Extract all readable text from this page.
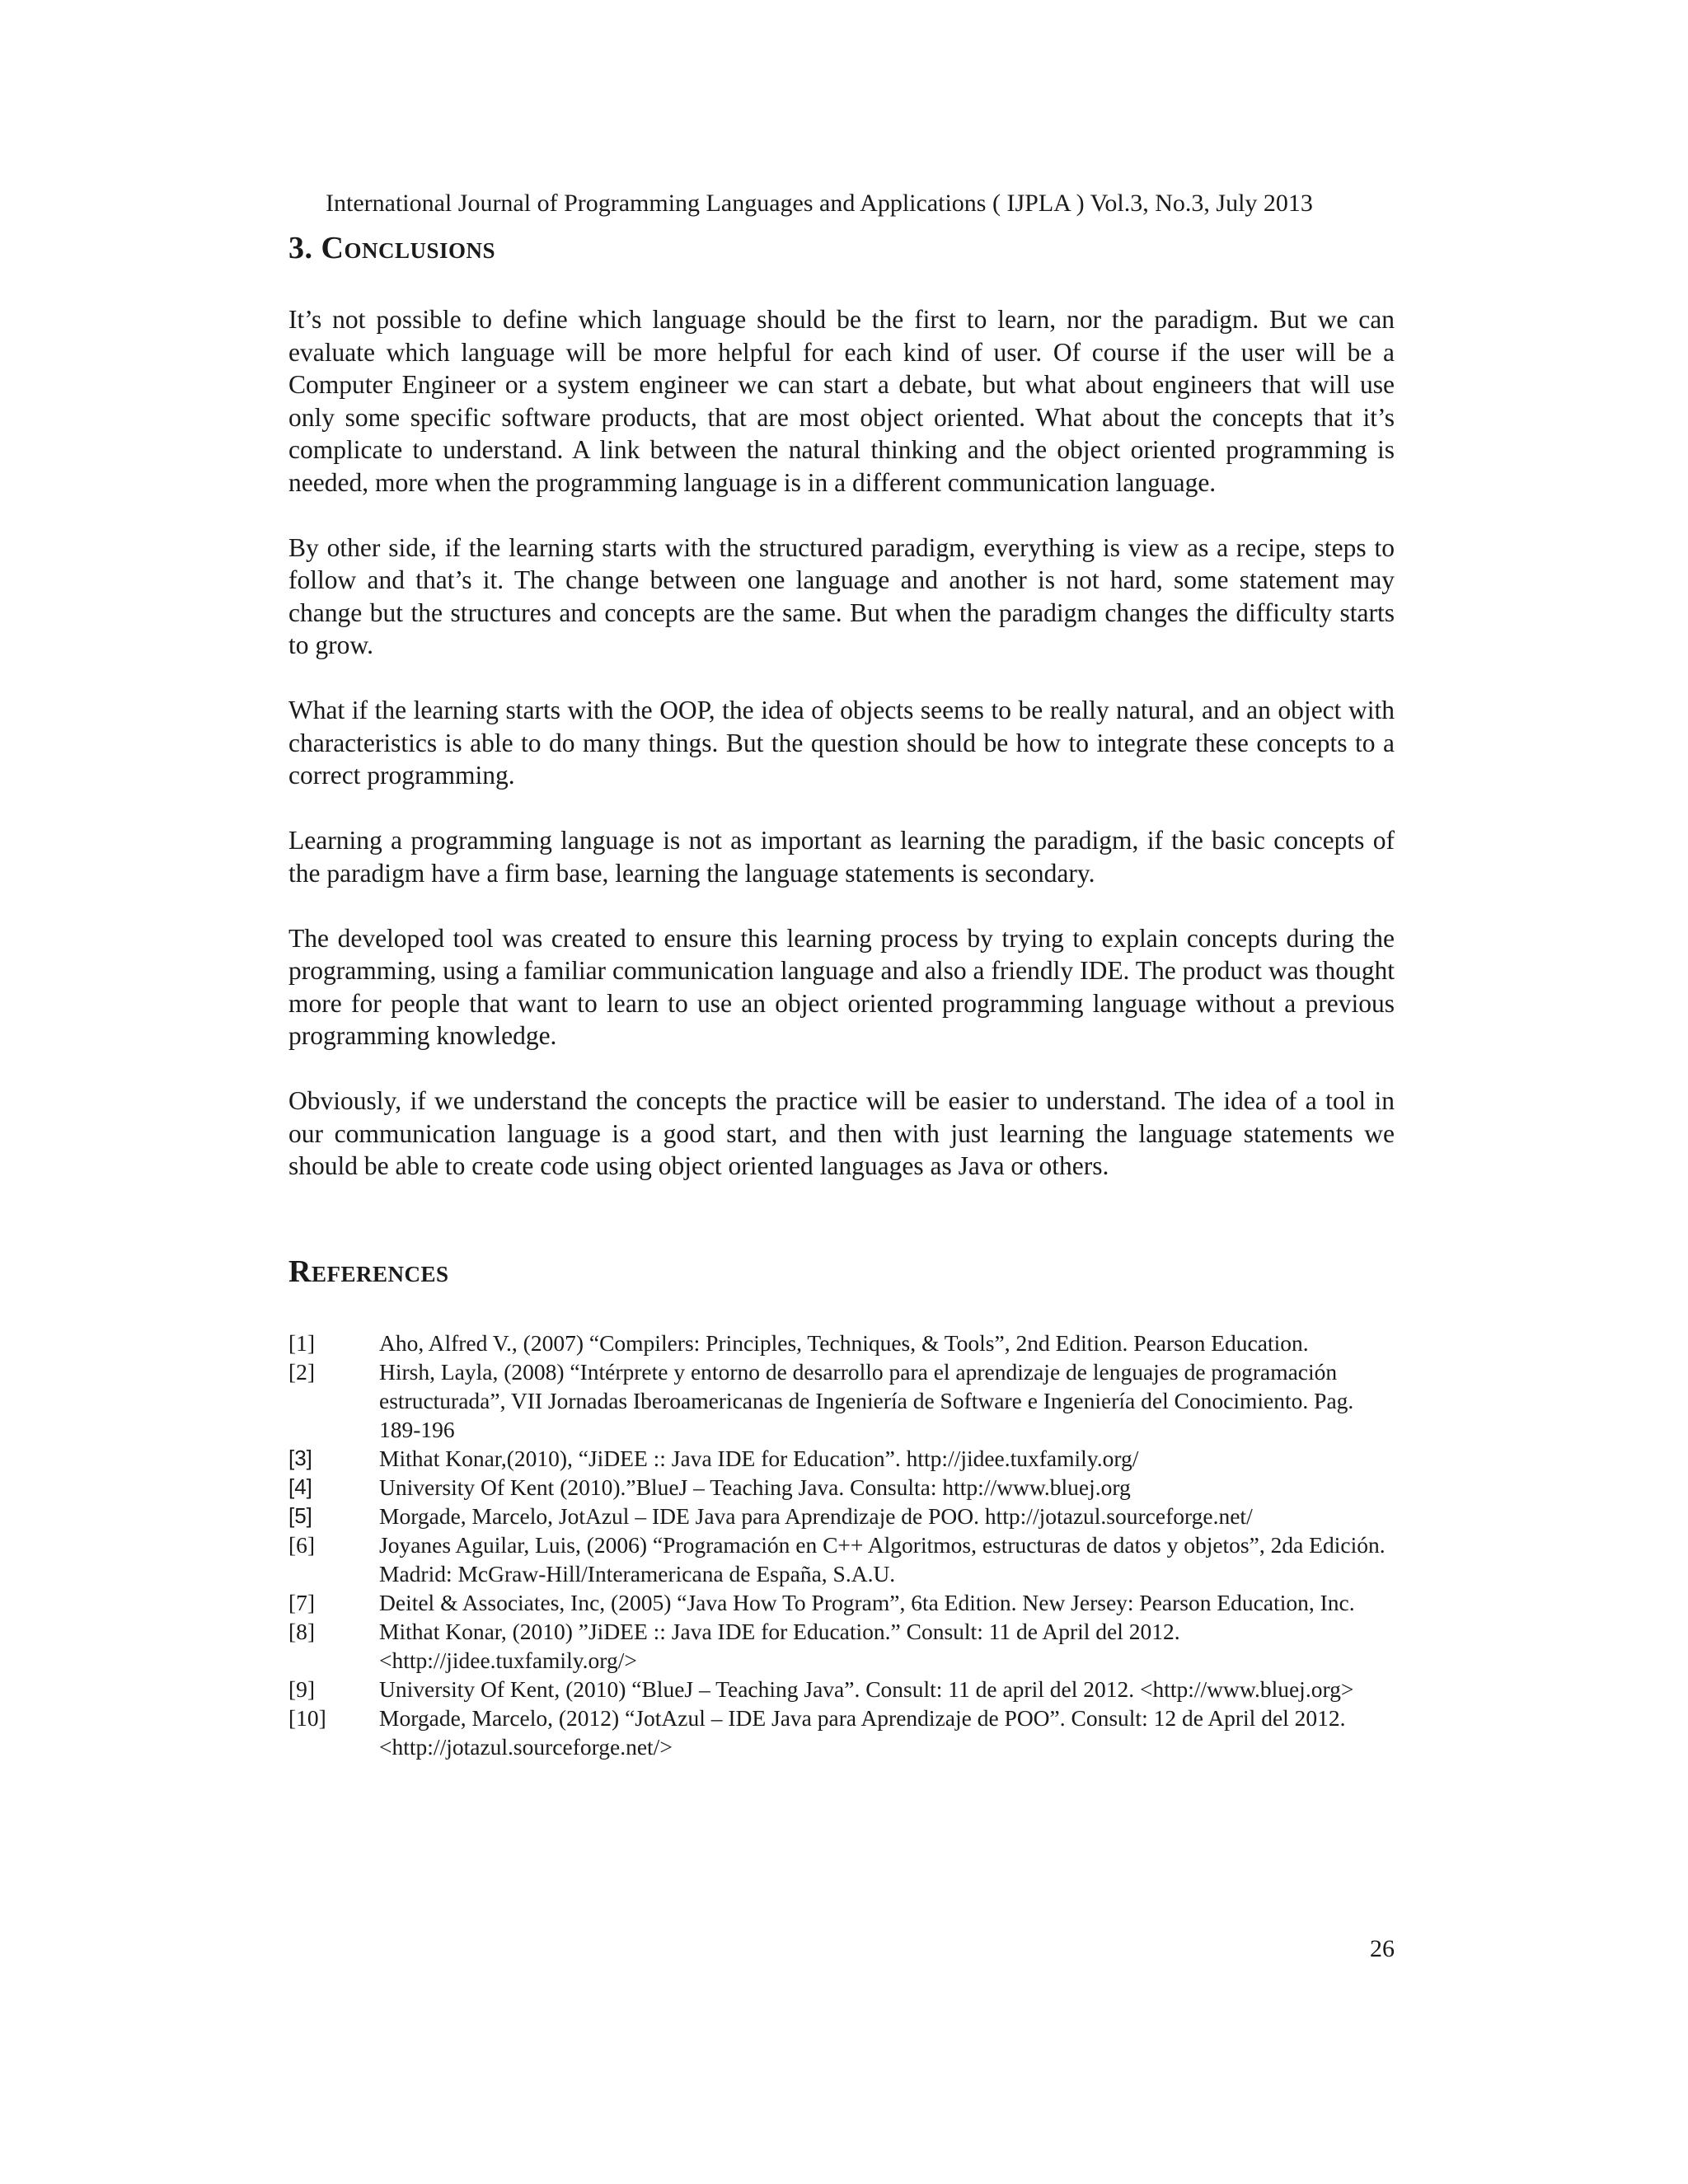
International Journal of Programming Languages and Applications ( IJPLA ) Vol.3, No.3, July 2013
3. Conclusions

It’s not possible to define which language should be the first to learn, nor the paradigm. But we can evaluate which language will be more helpful for each kind of user. Of course if the user will be a Computer Engineer or a system engineer we can start a debate, but what about engineers that will use only some specific software products, that are most object oriented. What about the concepts that it’s complicate to understand. A link between the natural thinking and the object oriented programming is needed, more when the programming language is in a different communication language.

By other side, if the learning starts with the structured paradigm, everything is view as a recipe, steps to follow and that’s it. The change between one language and another is not hard, some statement may change but the structures and concepts are the same. But when the paradigm changes the difficulty starts to grow.

What if the learning starts with the OOP, the idea of objects seems to be really natural, and an object with characteristics is able to do many things. But the question should be how to integrate these concepts to a correct programming.

Learning a programming language is not as important as learning the paradigm, if the basic concepts of the paradigm have a firm base, learning the language statements is secondary.

The developed tool was created to ensure this learning process by trying to explain concepts during the programming, using a familiar communication language and also a friendly IDE. The product was thought more for people that want to learn to use an object oriented programming language without a previous programming knowledge.

Obviously, if we understand the concepts the practice will be easier to understand. The idea of a tool in our communication language is a good start, and then with just learning the language statements we should be able to create code using object oriented languages as Java or others.

References
[1]	Aho, Alfred V., (2007) “Compilers: Principles, Techniques, & Tools”, 2nd Edition. Pearson Education.
[2]	Hirsh, Layla, (2008) “Intérprete y entorno de desarrollo para el aprendizaje de lenguajes de programación estructurada”, VII Jornadas Iberoamericanas de Ingeniería de Software e Ingeniería del Conocimiento. Pag. 189-196
[3]	Mithat Konar,(2010), “JiDEE :: Java IDE for Education”. http://jidee.tuxfamily.org/
[4]	University Of Kent (2010).”BlueJ – Teaching Java. Consulta: http://www.bluej.org
[5]	Morgade, Marcelo, JotAzul – IDE Java para Aprendizaje de POO. http://jotazul.sourceforge.net/
[6]	Joyanes Aguilar, Luis, (2006) “Programación en C++ Algoritmos, estructuras de datos y objetos”, 2da Edición. Madrid: McGraw-Hill/Interamericana de España, S.A.U.
[7]	Deitel & Associates, Inc, (2005) “Java How To Program”, 6ta Edition. New Jersey: Pearson Education, Inc.
[8]	Mithat Konar, (2010) ”JiDEE :: Java IDE for Education.” Consult: 11 de April del 2012. <http://jidee.tuxfamily.org/>
[9]	University Of Kent, (2010) “BlueJ – Teaching Java”. Consult: 11 de april del 2012. <http://www.bluej.org>
[10]	Morgade, Marcelo, (2012) “JotAzul – IDE Java para Aprendizaje de POO”. Consult: 12 de April del 2012. <http://jotazul.sourceforge.net/>
26
